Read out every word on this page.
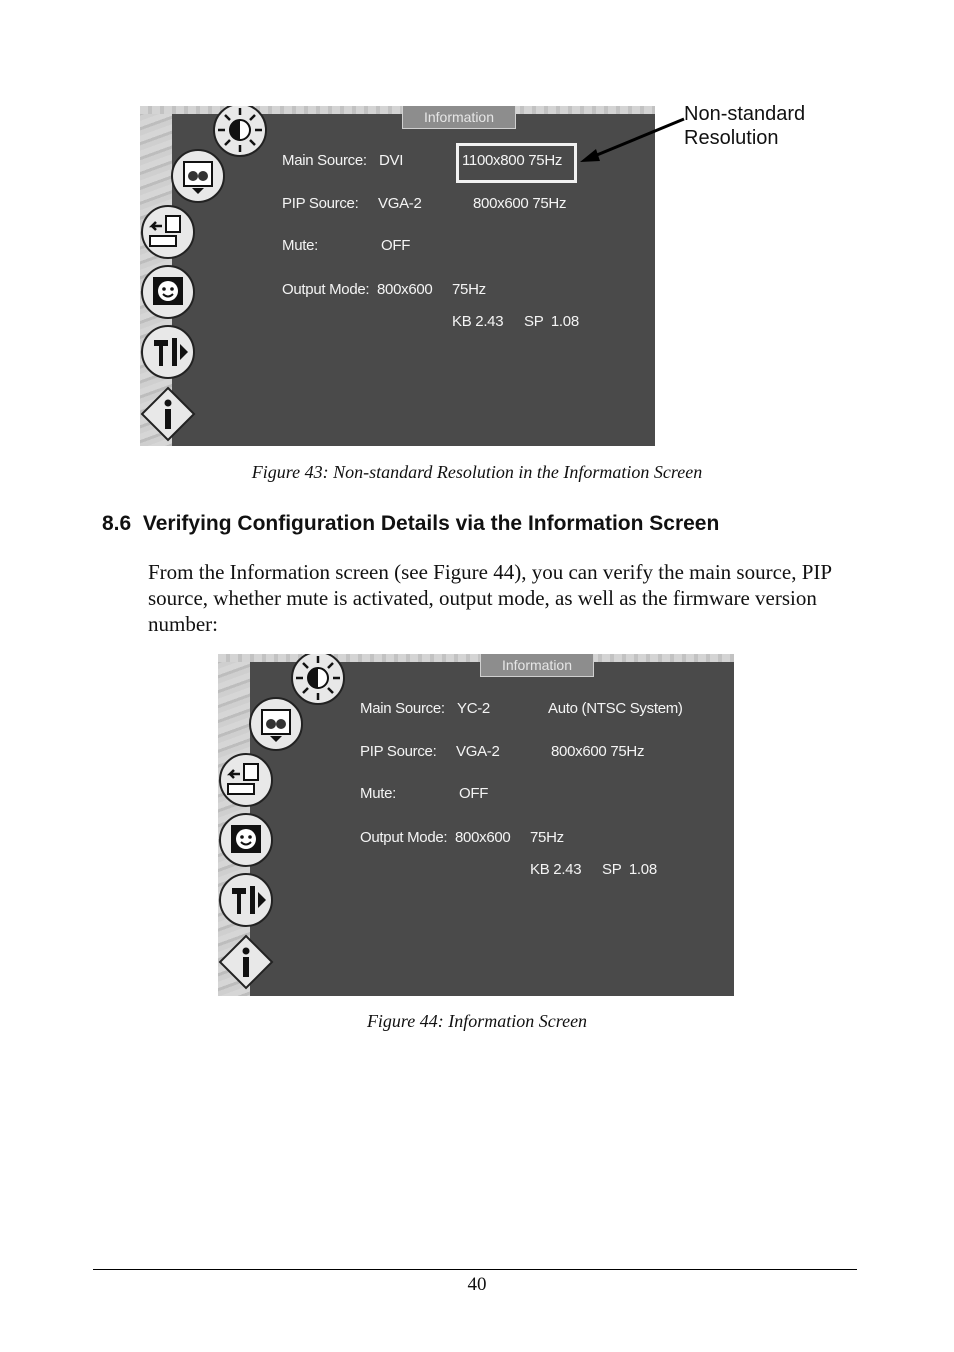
Information
Main Source: DVI	1100x800 75Hz
PIP Source: VGA-2	800x600 75Hz
Mute:	OFF
Output Mode: 800x600 75Hz
KB 2.43 SP  1.08
Non-standard
Resolution
Figure 43: Non-standard Resolution in the Information Screen
8.6 Verifying Configuration Details via the Information Screen
From the Information screen (see Figure 44), you can verify the main source, PIP source, whether mute is activated, output mode, as well as the firmware version number:
Information
Main Source: YC-2	Auto (NTSC System)
PIP Source: VGA-2	800x600 75Hz
Mute:	OFF
Output Mode: 800x600 75Hz
KB 2.43 SP  1.08
Figure 44: Information Screen
40
